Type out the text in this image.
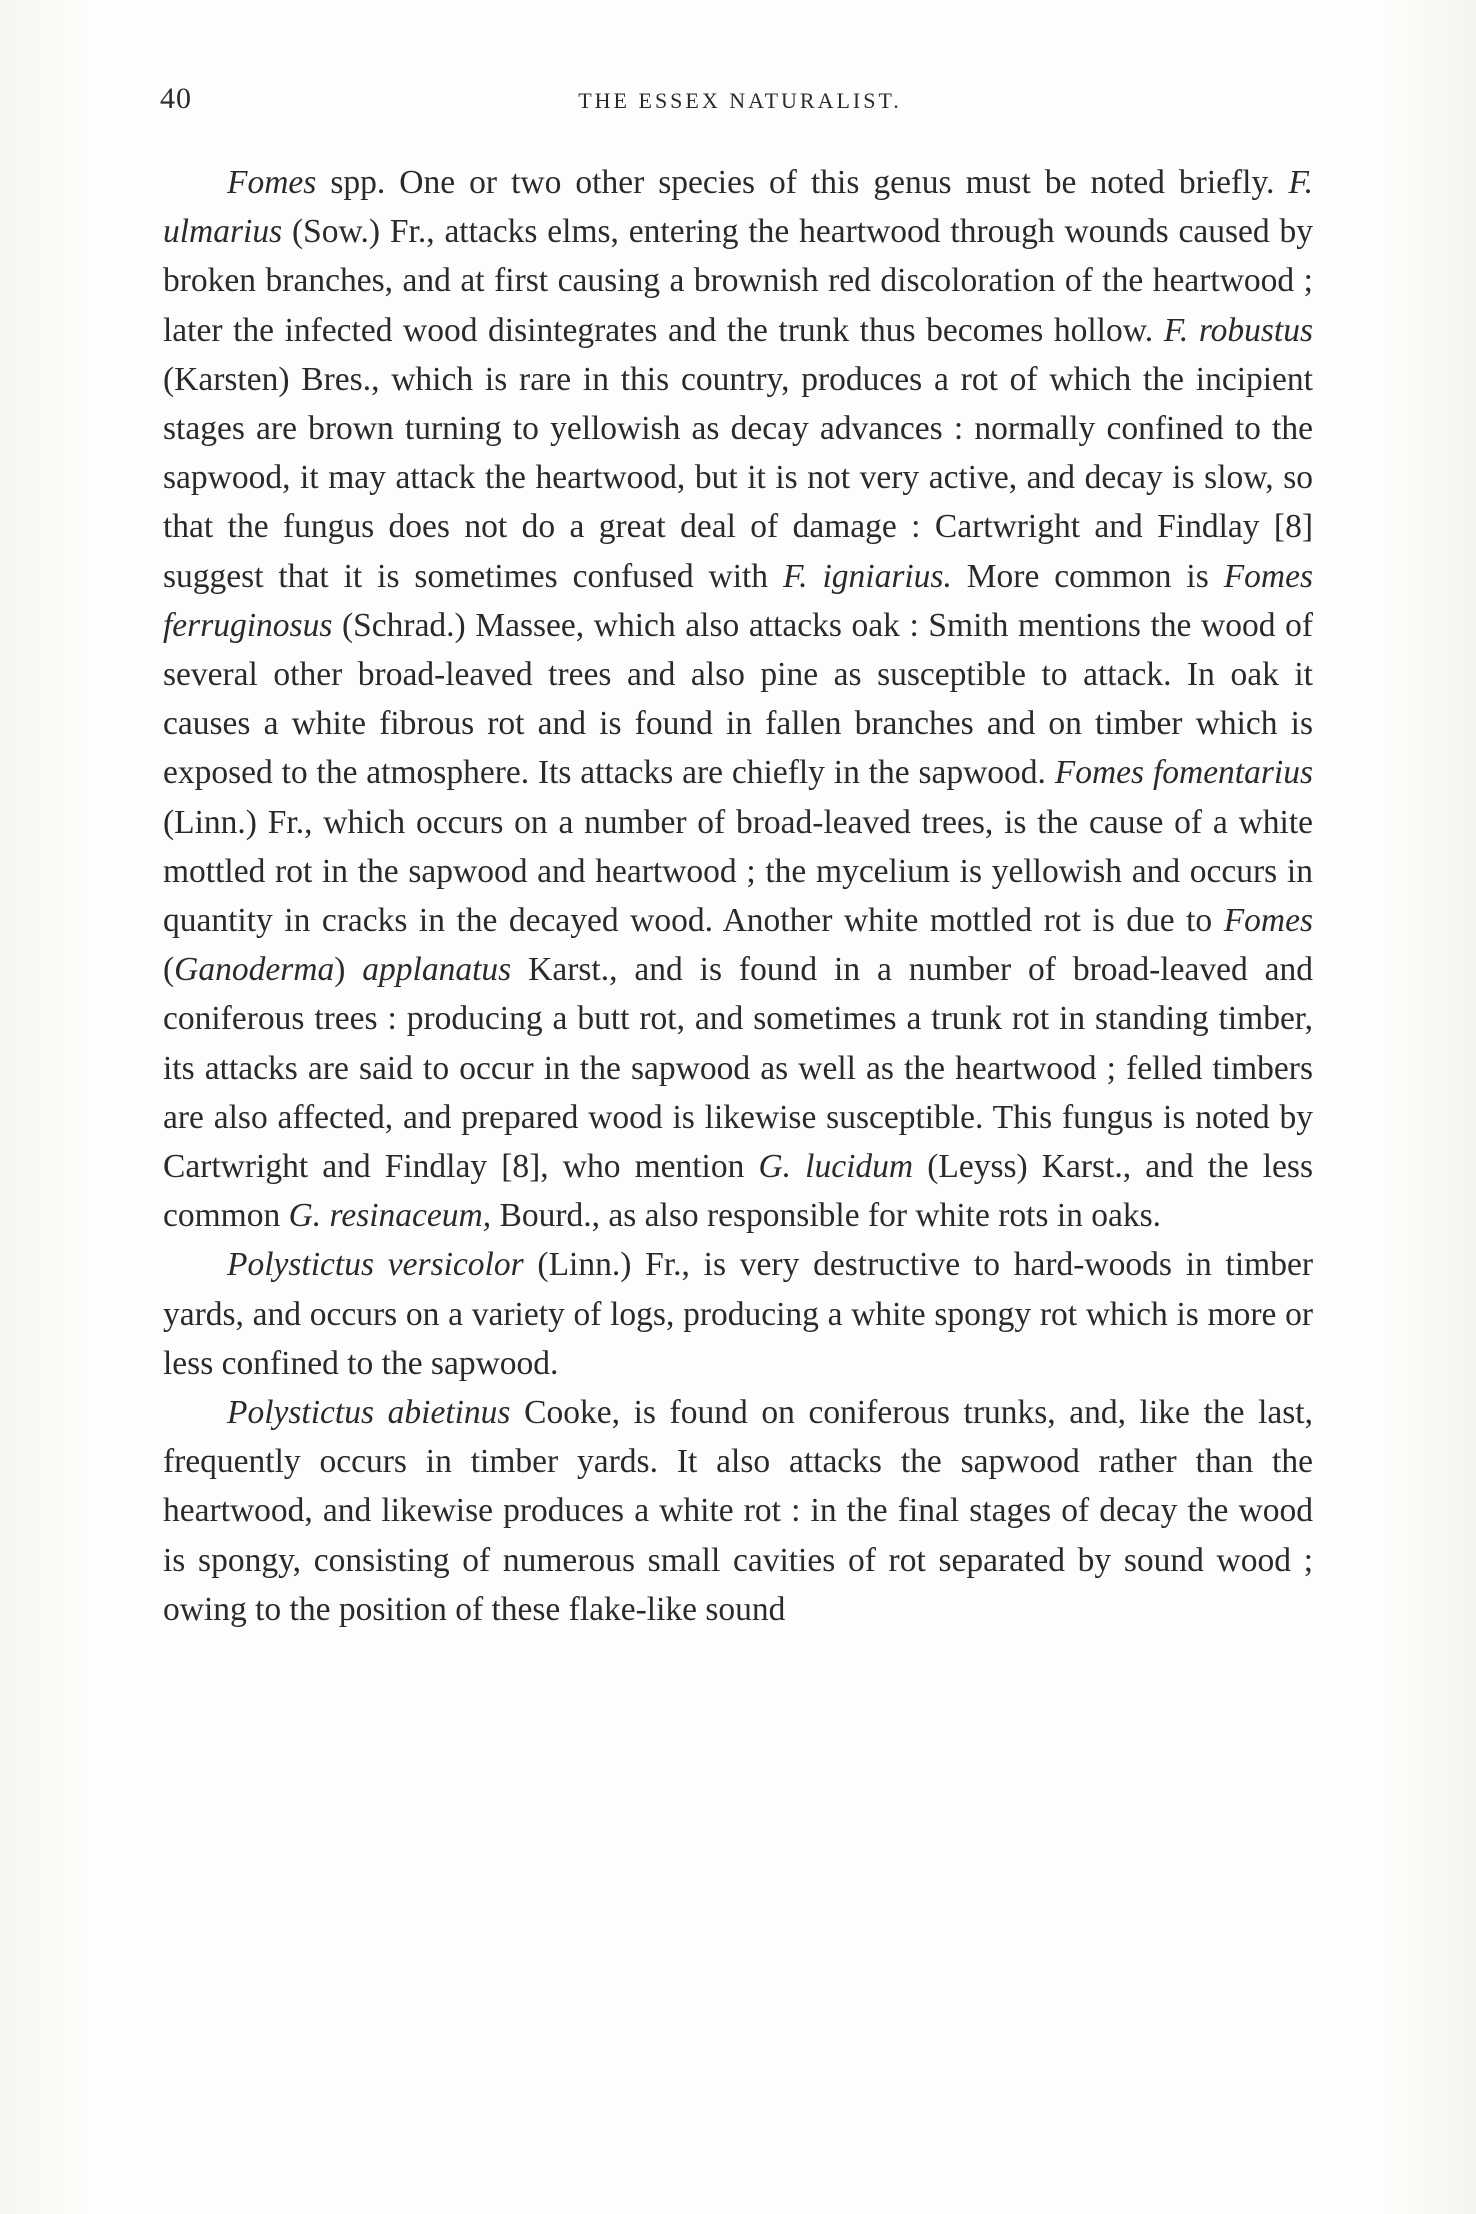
40	THE ESSEX NATURALIST.

Fomes spp. One or two other species of this genus must be noted briefly. F. ulmarius (Sow.) Fr., attacks elms, entering the heartwood through wounds caused by broken branches, and at first causing a brownish red discoloration of the heartwood ; later the infected wood disintegrates and the trunk thus becomes hollow. F. robustus (Karsten) Bres., which is rare in this country, produces a rot of which the incipient stages are brown turning to yellowish as decay advances : normally confined to the sapwood, it may attack the heartwood, but it is not very active, and decay is slow, so that the fungus does not do a great deal of damage : Cartwright and Findlay [8] suggest that it is sometimes confused with F. igniarius. More common is Fomes ferruginosus (Schrad.) Massee, which also attacks oak : Smith mentions the wood of several other broad-leaved trees and also pine as susceptible to attack. In oak it causes a white fibrous rot and is found in fallen branches and on timber which is exposed to the atmosphere. Its attacks are chiefly in the sapwood. Fomes fomentarius (Linn.) Fr., which occurs on a number of broad-leaved trees, is the cause of a white mottled rot in the sapwood and heartwood ; the mycelium is yellowish and occurs in quantity in cracks in the decayed wood. Another white mottled rot is due to Fomes (Ganoderma) applanatus Karst., and is found in a number of broad-leaved and coniferous trees : producing a butt rot, and sometimes a trunk rot in standing timber, its attacks are said to occur in the sapwood as well as the heartwood ; felled timbers are also affected, and prepared wood is likewise susceptible. This fungus is noted by Cartwright and Findlay [8], who mention G. lucidum (Leyss) Karst., and the less common G. resinaceum, Bourd., as also responsible for white rots in oaks.

Polystictus versicolor (Linn.) Fr., is very destructive to hard-woods in timber yards, and occurs on a variety of logs, producing a white spongy rot which is more or less confined to the sapwood.

Polystictus abietinus Cooke, is found on coniferous trunks, and, like the last, frequently occurs in timber yards. It also attacks the sapwood rather than the heartwood, and likewise produces a white rot : in the final stages of decay the wood is spongy, consisting of numerous small cavities of rot separated by sound wood ; owing to the position of these flake-like sound
